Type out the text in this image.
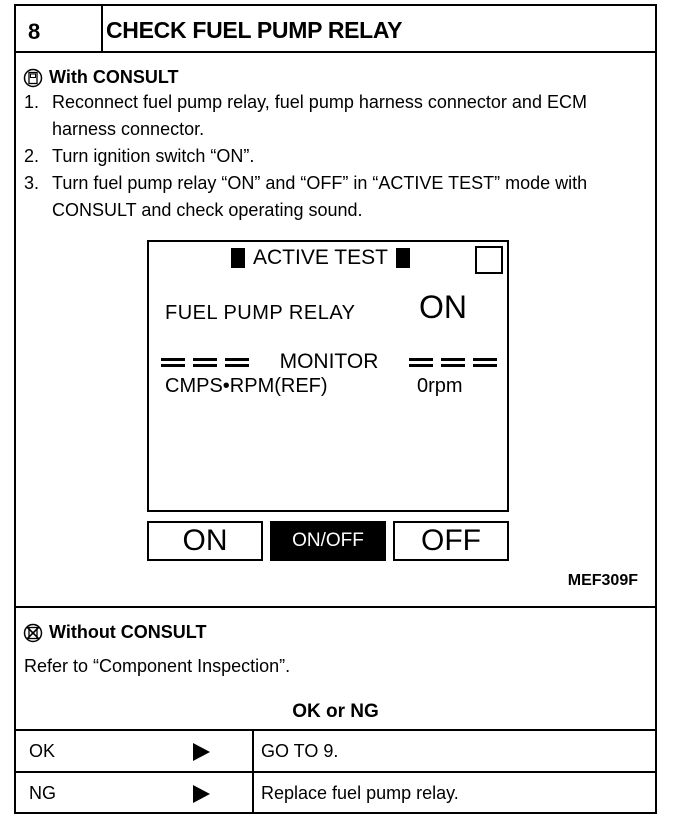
8	CHECK FUEL PUMP RELAY
With CONSULT
1. Reconnect fuel pump relay, fuel pump harness connector and ECM harness connector.
2. Turn ignition switch “ON”.
3. Turn fuel pump relay “ON” and “OFF” in “ACTIVE TEST” mode with CONSULT and check operating sound.
ACTIVE TEST
FUEL PUMP RELAY ON
MONITOR
CMPS•RPM(REF)	0rpm
ON	ON/OFF	OFF
MEF309F
Without CONSULT
Refer to “Component Inspection”.
OK or NG
OK	GO TO 9.
NG	Replace fuel pump relay.
